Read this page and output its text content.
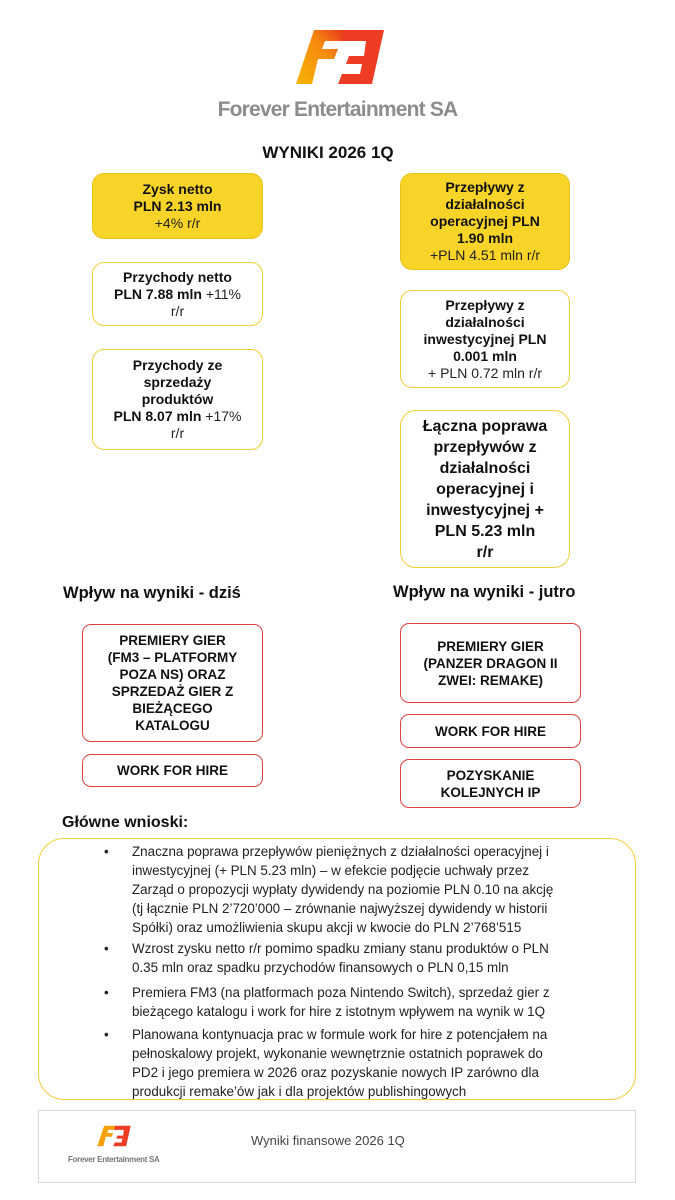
Forever Entertainment SA
WYNIKI 2026 1Q
Zysk netto
PLN 2.13 mln
+4% r/r
Przychody netto
PLN 7.88 mln +11%
r/r
Przychody ze
sprzedaży
produktów
PLN 8.07 mln +17%
r/r
Przepływy z
działalności
operacyjnej PLN
1.90 mln
+PLN 4.51 mln r/r
Przepływy z
działalności
inwestycyjnej PLN
0.001 mln
+ PLN 0.72 mln r/r
Łączna poprawa
przepływów z
działalności
operacyjnej i
inwestycyjnej +
PLN 5.23 mln
r/r
Wpływ na wyniki - dziś	Wpływ na wyniki - jutro
PREMIERY GIER
(FM3 – PLATFORMY
POZA NS) ORAZ
SPRZEDAŻ GIER Z
BIEŻĄCEGO
KATALOGU
WORK FOR HIRE
PREMIERY GIER
(PANZER DRAGON II
ZWEI: REMAKE)
WORK FOR HIRE
POZYSKANIE
KOLEJNYCH IP
Główne wnioski:
• Znaczna poprawa przepływów pieniężnych z działalności operacyjnej i
inwestycyjnej (+ PLN 5.23 mln) – w efekcie podjęcie uchwały przez
Zarząd o propozycji wypłaty dywidendy na poziomie PLN 0.10 na akcję
(tj łącznie PLN 2’720’000 – zrównanie najwyższej dywidendy w historii
Spółki) oraz umożliwienia skupu akcji w kwocie do PLN 2’768’515
• Wzrost zysku netto r/r pomimo spadku zmiany stanu produktów o PLN
0.35 mln oraz spadku przychodów finansowych o PLN 0,15 mln
• Premiera FM3 (na platformach poza Nintendo Switch), sprzedaż gier z
bieżącego katalogu i work for hire z istotnym wpływem na wynik w 1Q
• Planowana kontynuacja prac w formule work for hire z potencjałem na
pełnoskalowy projekt, wykonanie wewnętrznie ostatnich poprawek do
PD2 i jego premiera w 2026 oraz pozyskanie nowych IP zarówno dla
produkcji remake’ów jak i dla projektów publishingowych
Forever Entertainment SA
Wyniki finansowe 2026 1Q
